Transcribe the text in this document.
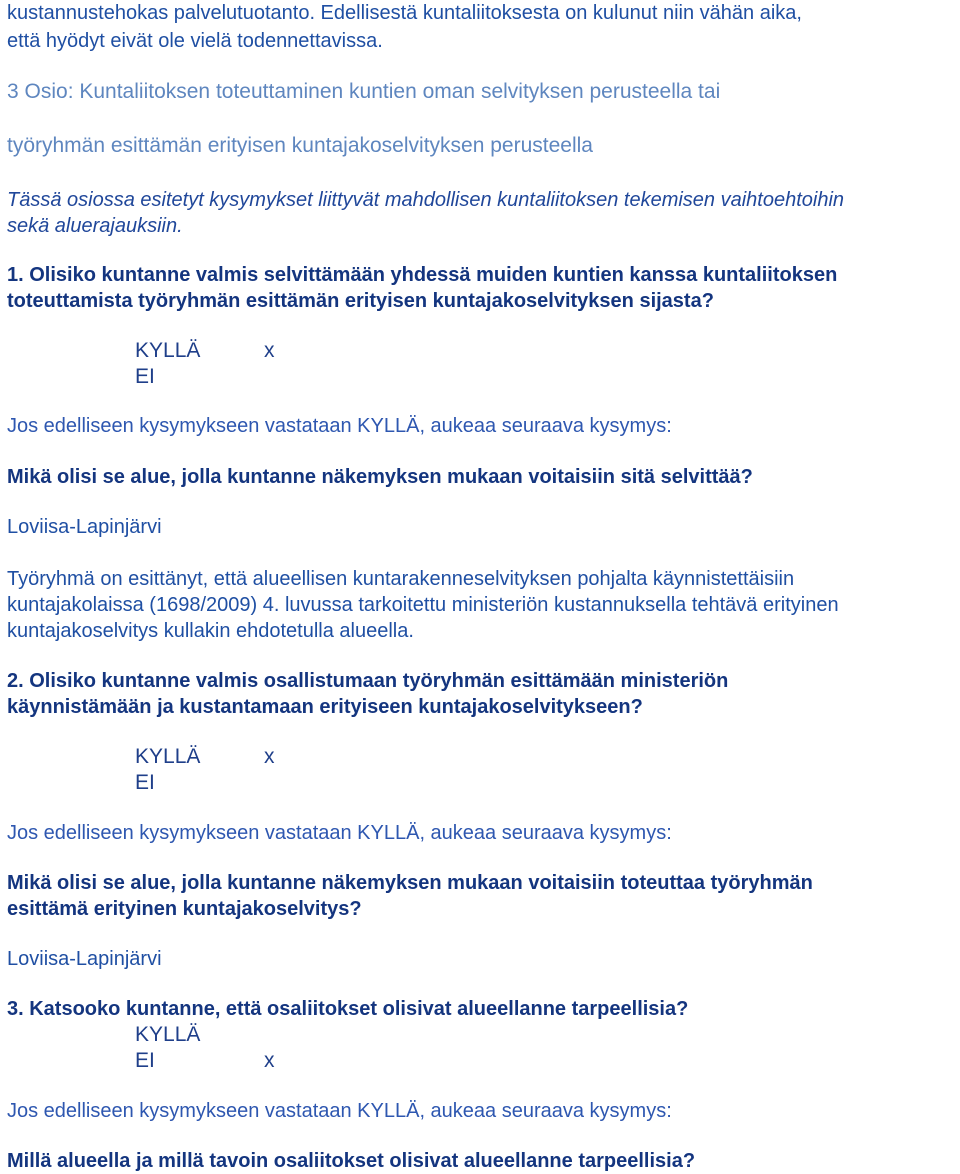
kustannustehokas palvelutuotanto. Edellisestä kuntaliitoksesta on kulunut niin vähän aika,
että hyödyt eivät ole vielä todennettavissa.
3 Osio: Kuntaliitoksen toteuttaminen kuntien oman selvityksen perusteella tai
työryhmän esittämän erityisen kuntajakoselvityksen perusteella
Tässä osiossa esitetyt kysymykset liittyvät mahdollisen kuntaliitoksen tekemisen vaihtoehtoihin
sekä aluerajauksiin.
1. Olisiko kuntanne valmis selvittämään yhdessä muiden kuntien kanssa kuntaliitoksen
toteuttamista työryhmän esittämän erityisen kuntajakoselvityksen sijasta?
KYLLÄ	x
EI
Jos edelliseen kysymykseen vastataan KYLLÄ, aukeaa seuraava kysymys:
Mikä olisi se alue, jolla kuntanne näkemyksen mukaan voitaisiin sitä selvittää?
Loviisa-Lapinjärvi
Työryhmä on esittänyt, että alueellisen kuntarakenneselvityksen pohjalta käynnistettäisiin
kuntajakolaissa (1698/2009) 4. luvussa tarkoitettu ministeriön kustannuksella tehtävä erityinen
kuntajakoselvitys kullakin ehdotetulla alueella.
2. Olisiko kuntanne valmis osallistumaan työryhmän esittämään ministeriön
käynnistämään ja kustantamaan erityiseen kuntajakoselvitykseen?
KYLLÄ	x
EI
Jos edelliseen kysymykseen vastataan KYLLÄ, aukeaa seuraava kysymys:
Mikä olisi se alue, jolla kuntanne näkemyksen mukaan voitaisiin toteuttaa työryhmän
esittämä erityinen kuntajakoselvitys?
Loviisa-Lapinjärvi
3. Katsooko kuntanne, että osaliitokset olisivat alueellanne tarpeellisia?
KYLLÄ
EI	x
Jos edelliseen kysymykseen vastataan KYLLÄ, aukeaa seuraava kysymys:
Millä alueella ja millä tavoin osaliitokset olisivat alueellanne tarpeellisia?
